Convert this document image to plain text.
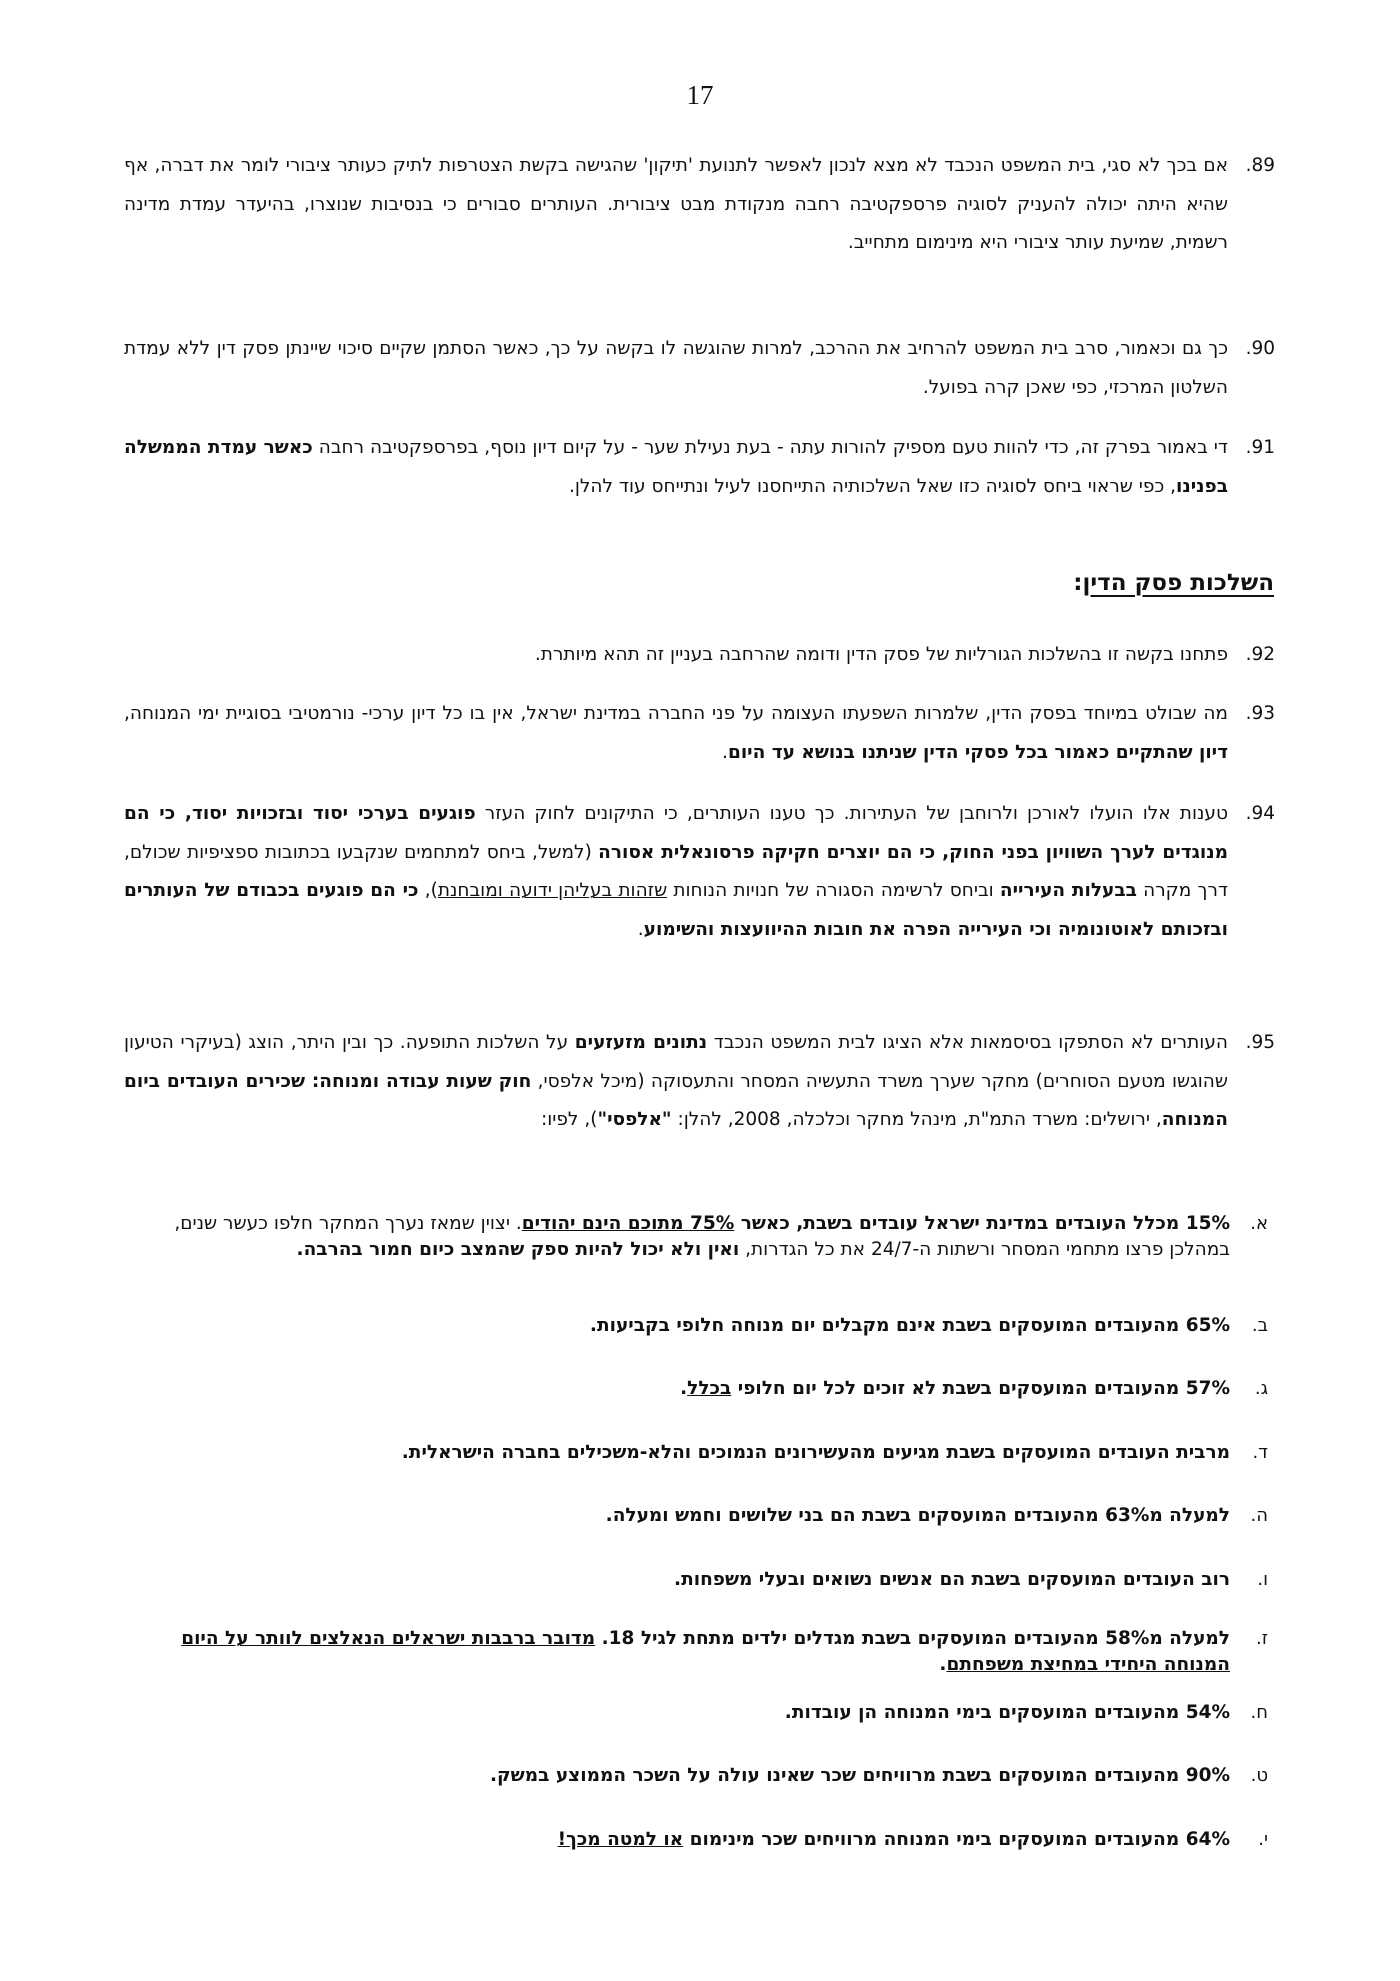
17
89.
אם בכך לא סגי, בית המשפט הנכבד לא מצא לנכון לאפשר לתנועת 'תיקון' שהגישה בקשת הצטרפות לתיק כעותר ציבורי לומר את דברה, אף שהיא היתה יכולה להעניק לסוגיה פרספקטיבה רחבה מנקודת מבט ציבורית. העותרים סבורים כי בנסיבות שנוצרו, בהיעדר עמדת מדינה רשמית, שמיעת עותר ציבורי היא מינימום מתחייב.
90.
כך גם וכאמור, סרב בית המשפט להרחיב את ההרכב, למרות שהוגשה לו בקשה על כך, כאשר הסתמן שקיים סיכוי שיינתן פסק דין ללא עמדת השלטון המרכזי, כפי שאכן קרה בפועל.
91.
די באמור בפרק זה, כדי להוות טעם מספיק להורות עתה - בעת נעילת שער - על קיום דיון נוסף, בפרספקטיבה רחבה כאשר עמדת הממשלה בפנינו, כפי שראוי ביחס לסוגיה כזו שאל השלכותיה התייחסנו לעיל ונתייחס עוד להלן.
השלכות פסק הדין:
92.
פתחנו בקשה זו בהשלכות הגורליות של פסק הדין ודומה שהרחבה בעניין זה תהא מיותרת.
93.
מה שבולט במיוחד בפסק הדין, שלמרות השפעתו העצומה על פני החברה במדינת ישראל, אין בו כל דיון ערכי- נורמטיבי בסוגיית ימי המנוחה, דיון שהתקיים כאמור בכל פסקי הדין שניתנו בנושא עד היום.
94.
טענות אלו הועלו לאורכן ולרוחבן של העתירות. כך טענו העותרים, כי התיקונים לחוק העזר פוגעים בערכי יסוד ובזכויות יסוד, כי הם מנוגדים לערך השוויון בפני החוק, כי הם יוצרים חקיקה פרסונאלית אסורה (למשל, ביחס למתחמים שנקבעו בכתובות ספציפיות שכולם, דרך מקרה בבעלות העירייה וביחס לרשימה הסגורה של חנויות הנוחות שזהות בעליהן ידועה ומובחנת), כי הם פוגעים בכבודם של העותרים ובזכותם לאוטונומיה וכי העירייה הפרה את חובות ההיוועצות והשימוע.
95.
העותרים לא הסתפקו בסיסמאות אלא הציגו לבית המשפט הנכבד נתונים מזעזעים על השלכות התופעה. כך ובין היתר, הוצג (בעיקרי הטיעון שהוגשו מטעם הסוחרים) מחקר שערך משרד התעשיה המסחר והתעסוקה (מיכל אלפסי, חוק שעות עבודה ומנוחה: שכירים העובדים ביום המנוחה, ירושלים: משרד התמ"ת, מינהל מחקר וכלכלה, 2008, להלן: "אלפסי"), לפיו:
א.
15% מכלל העובדים במדינת ישראל עובדים בשבת, כאשר 75% מתוכם הינם יהודים. יצוין שמאז נערך המחקר חלפו כעשר שנים, במהלכן פרצו מתחמי המסחר ורשתות ה-24/7 את כל הגדרות, ואין ולא יכול להיות ספק שהמצב כיום חמור בהרבה.
ב.
65% מהעובדים המועסקים בשבת אינם מקבלים יום מנוחה חלופי בקביעות.
ג.
57% מהעובדים המועסקים בשבת לא זוכים לכל יום חלופי בכלל.
ד.
מרבית העובדים המועסקים בשבת מגיעים מהעשירונים הנמוכים והלא-משכילים בחברה הישראלית.
ה.
למעלה מ63% מהעובדים המועסקים בשבת הם בני שלושים וחמש ומעלה.
ו.
רוב העובדים המועסקים בשבת הם אנשים נשואים ובעלי משפחות.
ז.
למעלה מ58% מהעובדים המועסקים בשבת מגדלים ילדים מתחת לגיל 18. מדובר ברבבות ישראלים הנאלצים לוותר על היום המנוחה היחידי במחיצת משפחתם.
ח.
54% מהעובדים המועסקים בימי המנוחה הן עובדות.
ט.
90% מהעובדים המועסקים בשבת מרוויחים שכר שאינו עולה על השכר הממוצע במשק.
י.
64% מהעובדים המועסקים בימי המנוחה מרוויחים שכר מינימום או למטה מכך!
